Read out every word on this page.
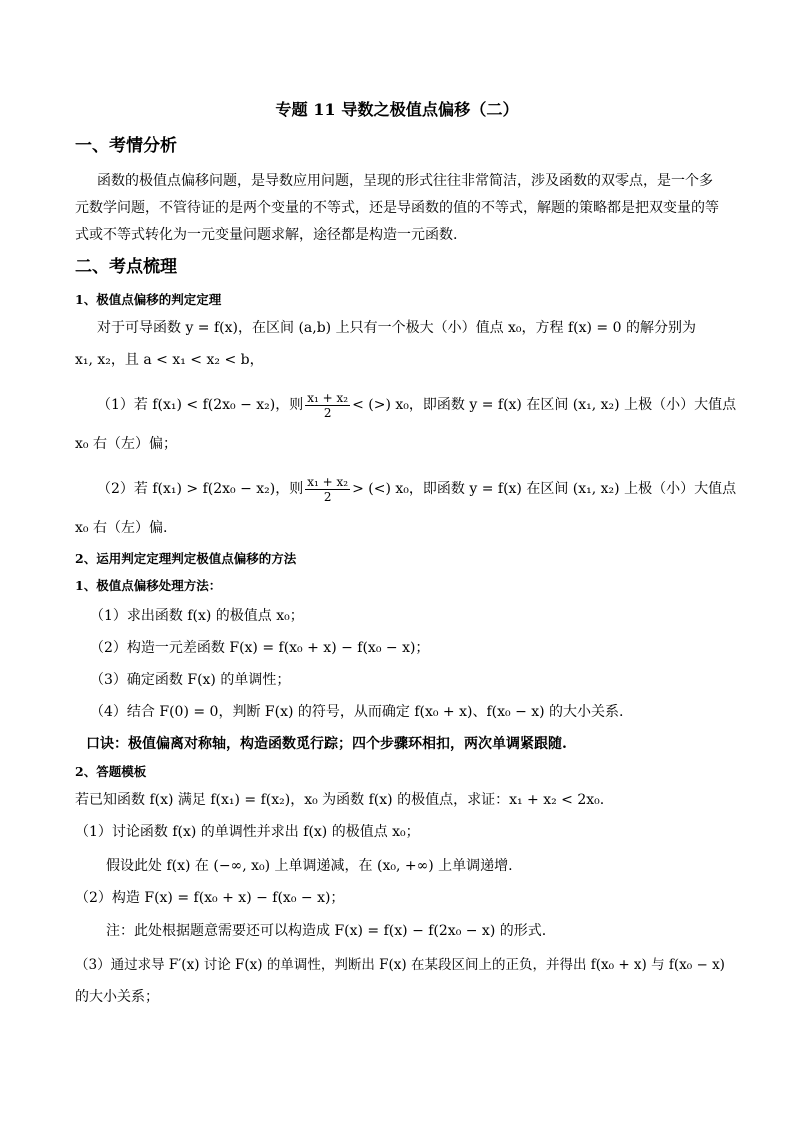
专题 11 导数之极值点偏移（二）
一、考情分析
函数的极值点偏移问题，是导数应用问题，呈现的形式往往非常简洁，涉及函数的双零点，是一个多
元数学问题，不管待证的是两个变量的不等式，还是导函数的值的不等式，解题的策略都是把双变量的等
式或不等式转化为一元变量问题求解，途径都是构造一元函数.
二、考点梳理
1、极值点偏移的判定定理
对于可导函数 y = f(x)，在区间 (a,b) 上只有一个极大（小）值点 x₀，方程 f(x) = 0 的解分别为
x₁, x₂，且 a < x₁ < x₂ < b，
（1）若 f(x₁) < f(2x₀ − x₂)，则 $\frac{\text{x₁ + x₂}}{2}$ < (>) x₀，即函数 y = f(x) 在区间 (x₁, x₂) 上极（小）大值点
x₀ 右（左）偏；
（2）若 f(x₁) > f(2x₀ − x₂)，则 $\frac{\text{x₁ + x₂}}{2}$ > (<) x₀，即函数 y = f(x) 在区间 (x₁, x₂) 上极（小）大值点
x₀ 右（左）偏.
2、运用判定定理判定极值点偏移的方法
1、极值点偏移处理方法：
（1）求出函数 f(x) 的极值点 x₀；
（2）构造一元差函数 F(x) = f(x₀ + x) − f(x₀ − x)；
（3）确定函数 F(x) 的单调性；
（4）结合 F(0) = 0，判断 F(x) 的符号，从而确定 f(x₀ + x)、f(x₀ − x) 的大小关系.
口诀：极值偏离对称轴，构造函数觅行踪；四个步骤环相扣，两次单调紧跟随.
2、答题模板
若已知函数 f(x) 满足 f(x₁) = f(x₂)，x₀ 为函数 f(x) 的极值点，求证：x₁ + x₂ < 2x₀.
（1）讨论函数 f(x) 的单调性并求出 f(x) 的极值点 x₀；
假设此处 f(x) 在 (−∞, x₀) 上单调递减，在 (x₀, +∞) 上单调递增.
（2）构造 F(x) = f(x₀ + x) − f(x₀ − x)；
注：此处根据题意需要还可以构造成 F(x) = f(x) − f(2x₀ − x) 的形式.
（3）通过求导 F′(x) 讨论 F(x) 的单调性，判断出 F(x) 在某段区间上的正负，并得出 f(x₀ + x) 与 f(x₀ − x)
的大小关系；
